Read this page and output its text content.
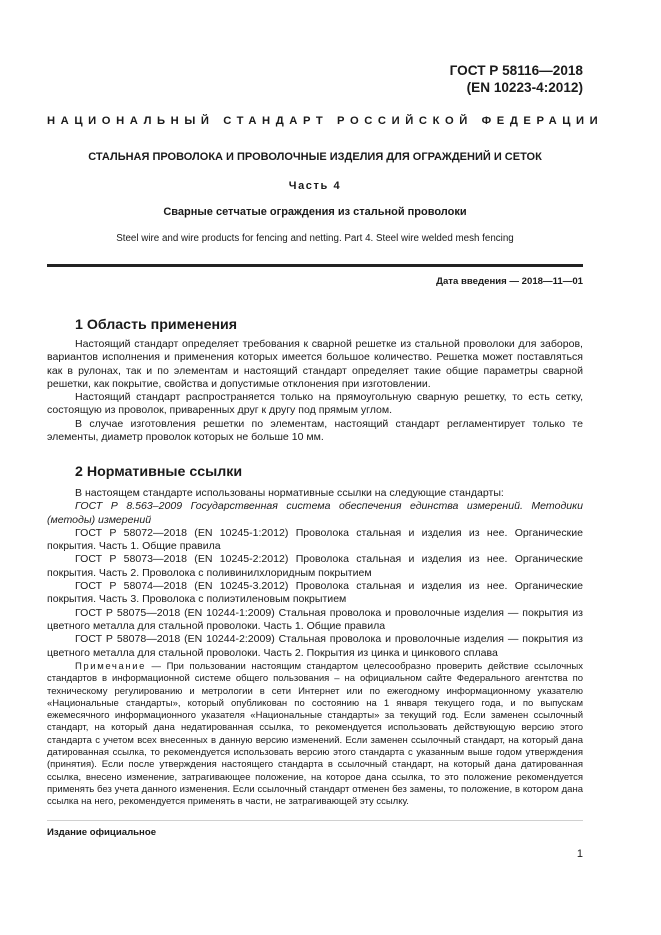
ГОСТ Р 58116—2018
(EN 10223-4:2012)
НАЦИОНАЛЬНЫЙ СТАНДАРТ РОССИЙСКОЙ ФЕДЕРАЦИИ
СТАЛЬНАЯ ПРОВОЛОКА И ПРОВОЛОЧНЫЕ ИЗДЕЛИЯ ДЛЯ ОГРАЖДЕНИЙ И СЕТОК
Часть 4
Сварные сетчатые ограждения из стальной проволоки
Steel wire and wire products for fencing and netting. Part 4. Steel wire welded mesh fencing
Дата введения — 2018—11—01
1 Область применения

Настоящий стандарт определяет требования к сварной решетке из стальной проволоки для заборов, вариантов исполнения и применения которых имеется большое количество. Решетка может поставляться как в рулонах, так и по элементам и настоящий стандарт определяет такие общие параметры сварной решетки, как покрытие, свойства и допустимые отклонения при изготовлении.

Настоящий стандарт распространяется только на прямоугольную сварную решетку, то есть сетку, состоящую из проволок, приваренных друг к другу под прямым углом.

В случае изготовления решетки по элементам, настоящий стандарт регламентирует только те элементы, диаметр проволок которых не больше 10 мм.

2 Нормативные ссылки

В настоящем стандарте использованы нормативные ссылки на следующие стандарты:

ГОСТ Р 8.563–2009 Государственная система обеспечения единства измерений. Методики (методы) измерений

ГОСТ Р 58072—2018 (EN 10245-1:2012) Проволока стальная и изделия из нее. Органические покрытия. Часть 1. Общие правила

ГОСТ Р 58073—2018 (EN 10245-2:2012) Проволока стальная и изделия из нее. Органические покрытия. Часть 2. Проволока с поливинилхлоридным покрытием

ГОСТ Р 58074—2018 (EN 10245-3.2012) Проволока стальная и изделия из нее. Органические покрытия. Часть 3. Проволока с полиэтиленовым покрытием

ГОСТ Р 58075—2018 (EN 10244-1:2009) Стальная проволока и проволочные изделия — покрытия из цветного металла для стальной проволоки. Часть 1. Общие правила

ГОСТ Р 58078—2018 (EN 10244-2:2009) Стальная проволока и проволочные изделия — покрытия из цветного металла для стальной проволоки. Часть 2. Покрытия из цинка и цинкового сплава

Примечание — При пользовании настоящим стандартом целесообразно проверить действие ссылочных стандартов в информационной системе общего пользования – на официальном сайте Федерального агентства по техническому регулированию и метрологии в сети Интернет или по ежегодному информационному указателю «Национальные стандарты», который опубликован по состоянию на 1 января текущего года, и по выпускам ежемесячного информационного указателя «Национальные стандарты» за текущий год. Если заменен ссылочный стандарт, на который дана недатированная ссылка, то рекомендуется использовать действующую версию этого стандарта с учетом всех внесенных в данную версию изменений. Если заменен ссылочный стандарт, на который дана датированная ссылка, то рекомендуется использовать версию этого стандарта с указанным выше годом утверждения (принятия). Если после утверждения настоящего стандарта в ссылочный стандарт, на который дана датированная ссылка, внесено изменение, затрагивающее положение, на которое дана ссылка, то это положение рекомендуется применять без учета данного изменения. Если ссылочный стандарт отменен без замены, то положение, в котором дана ссылка на него, рекомендуется применять в части, не затрагивающей эту ссылку.

Издание официальное
1
